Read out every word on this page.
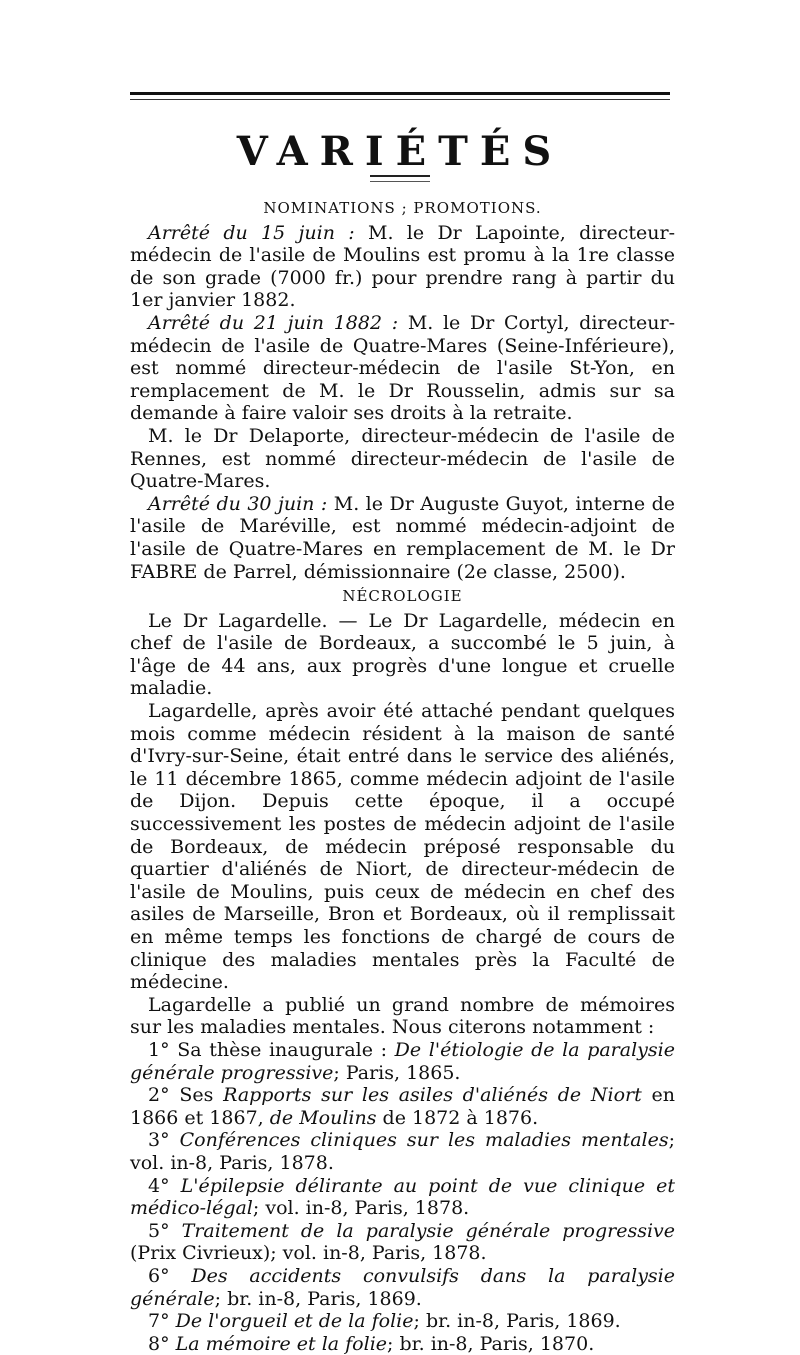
VARIÉTÉS
NOMINATIONS ; PROMOTIONS.

Arrêté du 15 juin : M. le Dr Lapointe, directeur-médecin de l'asile de Moulins est promu à la 1re classe de son grade (7000 fr.) pour prendre rang à partir du 1er janvier 1882.

Arrêté du 21 juin 1882 : M. le Dr Cortyl, directeur-médecin de l'asile de Quatre-Mares (Seine-Inférieure), est nommé directeur-médecin de l'asile St-Yon, en remplacement de M. le Dr Rousselin, admis sur sa demande à faire valoir ses droits à la retraite.

M. le Dr Delaporte, directeur-médecin de l'asile de Rennes, est nommé directeur-médecin de l'asile de Quatre-Mares.

Arrêté du 30 juin : M. le Dr Auguste Guyot, interne de l'asile de Maréville, est nommé médecin-adjoint de l'asile de Quatre-Mares en remplacement de M. le Dr FABRE de Parrel, démissionnaire (2e classe, 2500).

NÉCROLOGIE

Le Dr Lagardelle. — Le Dr Lagardelle, médecin en chef de l'asile de Bordeaux, a succombé le 5 juin, à l'âge de 44 ans, aux progrès d'une longue et cruelle maladie.

Lagardelle, après avoir été attaché pendant quelques mois comme médecin résident à la maison de santé d'Ivry-sur-Seine, était entré dans le service des aliénés, le 11 décembre 1865, comme médecin adjoint de l'asile de Dijon. Depuis cette époque, il a occupé successivement les postes de médecin adjoint de l'asile de Bordeaux, de médecin préposé responsable du quartier d'aliénés de Niort, de directeur-médecin de l'asile de Moulins, puis ceux de médecin en chef des asiles de Marseille, Bron et Bordeaux, où il remplissait en même temps les fonctions de chargé de cours de clinique des maladies mentales près la Faculté de médecine.

Lagardelle a publié un grand nombre de mémoires sur les maladies mentales. Nous citerons notamment :

1° Sa thèse inaugurale : De l'étiologie de la paralysie générale progressive; Paris, 1865.

2° Ses Rapports sur les asiles d'aliénés de Niort en 1866 et 1867, de Moulins de 1872 à 1876.

3° Conférences cliniques sur les maladies mentales; vol. in-8, Paris, 1878.

4° L'épilepsie délirante au point de vue clinique et médico-légal; vol. in-8, Paris, 1878.

5° Traitement de la paralysie générale progressive (Prix Civrieux); vol. in-8, Paris, 1878.

6° Des accidents convulsifs dans la paralysie générale; br. in-8, Paris, 1869.

7° De l'orgueil et de la folie; br. in-8, Paris, 1869.

8° La mémoire et la folie; br. in-8, Paris, 1870.
